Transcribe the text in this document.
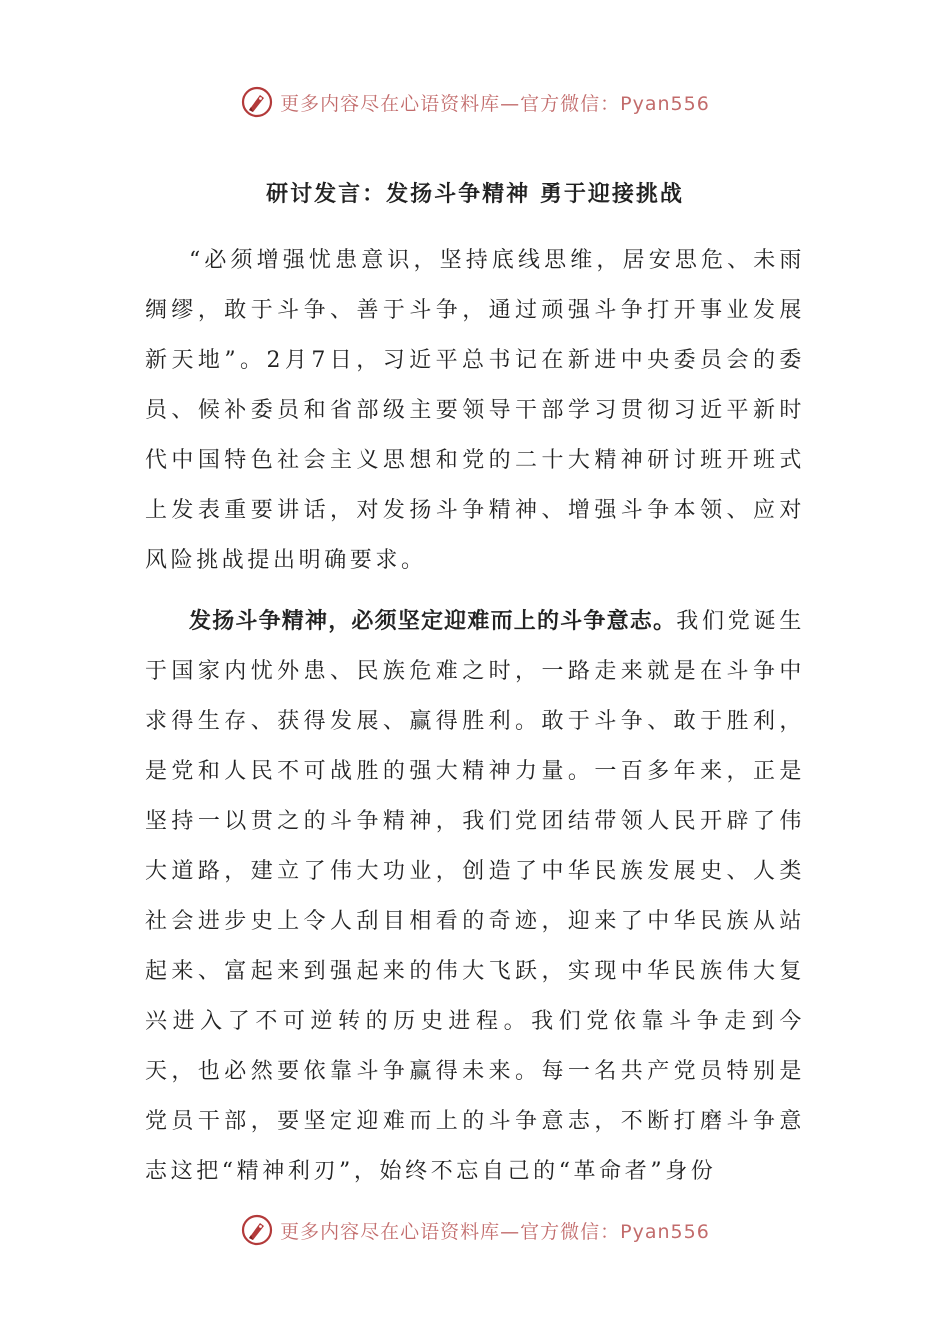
更多内容尽在心语资料库—官方微信：Pyan556
研讨发言：发扬斗争精神 勇于迎接挑战

“必须增强忧患意识，坚持底线思维，居安思危、未雨绸缪，敢于斗争、善于斗争，通过顽强斗争打开事业发展新天地”。2月7日，习近平总书记在新进中央委员会的委员、候补委员和省部级主要领导干部学习贯彻习近平新时代中国特色社会主义思想和党的二十大精神研讨班开班式上发表重要讲话，对发扬斗争精神、增强斗争本领、应对风险挑战提出明确要求。

发扬斗争精神，必须坚定迎难而上的斗争意志。我们党诞生于国家内忧外患、民族危难之时，一路走来就是在斗争中求得生存、获得发展、赢得胜利。敢于斗争、敢于胜利，是党和人民不可战胜的强大精神力量。一百多年来，正是坚持一以贯之的斗争精神，我们党团结带领人民开辟了伟大道路，建立了伟大功业，创造了中华民族发展史、人类社会进步史上令人刮目相看的奇迹，迎来了中华民族从站起来、富起来到强起来的伟大飞跃，实现中华民族伟大复兴进入了不可逆转的历史进程。我们党依靠斗争走到今天，也必然要依靠斗争赢得未来。每一名共产党员特别是党员干部，要坚定迎难而上的斗争意志，不断打磨斗争意志这把“精神利刃”，始终不忘自己的“革命者”身份

更多内容尽在心语资料库—官方微信：Pyan556
